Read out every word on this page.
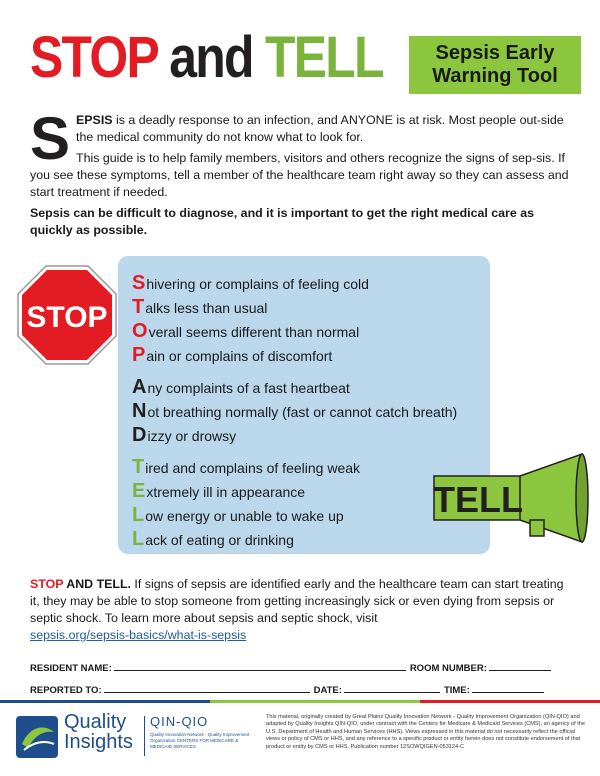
STOP and TELL	Sepsis Early
Warning Tool
S EPSIS is a deadly response to an infection, and ANYONE is at risk. Most people out-side the medical community do not know what to look for.

This guide is to help family members, visitors and others recognize the signs of sep-sis. If you see these symptoms, tell a member of the healthcare team right away so they can assess and start treatment if needed.

Sepsis can be difficult to diagnose, and it is important to get the right medical care as quickly as possible.

STOP
Shivering or complains of feeling cold
Talks less than usual
Overall seems different than normal
Pain or complains of discomfort
Any complaints of a fast heartbeat
Not breathing normally (fast or cannot catch breath)
Dizzy or drowsy
Tired and complains of feeling weak
Extremely ill in appearance
Low energy or unable to wake up
Lack of eating or drinking
TELL
STOP AND TELL. If signs of sepsis are identified early and the healthcare team can start treating it, they may be able to stop someone from getting increasingly sick or even dying from sepsis or septic shock. To learn more about sepsis and septic shock, visit
sepsis.org/sepsis-basics/what-is-sepsis
RESIDENT NAME:	ROOM NUMBER:
REPORTED TO:	DATE:	TIME:
Quality
Insights
QIN-QIO
Quality Innovation Network - Quality Improvement Organization CENTERS FOR MEDICARE & MEDICAID SERVICES
This material, originally created by Great Plains Quality Innovation Network - Quality Improvement Organization (QIN-QIO) and adapted by Quality Insights QIN-QIO, under contract with the Centers for Medicare & Medicaid Services (CMS), an agency of the U.S. Department of Health and Human Services (HHS). Views expressed in this material do not necessarily reflect the official views or policy of CMS or HHS, and any reference to a specific product or entity herein does not constitute endorsement of that product or entity by CMS or HHS. Publication number 12SOWQIGEN-053124-C
